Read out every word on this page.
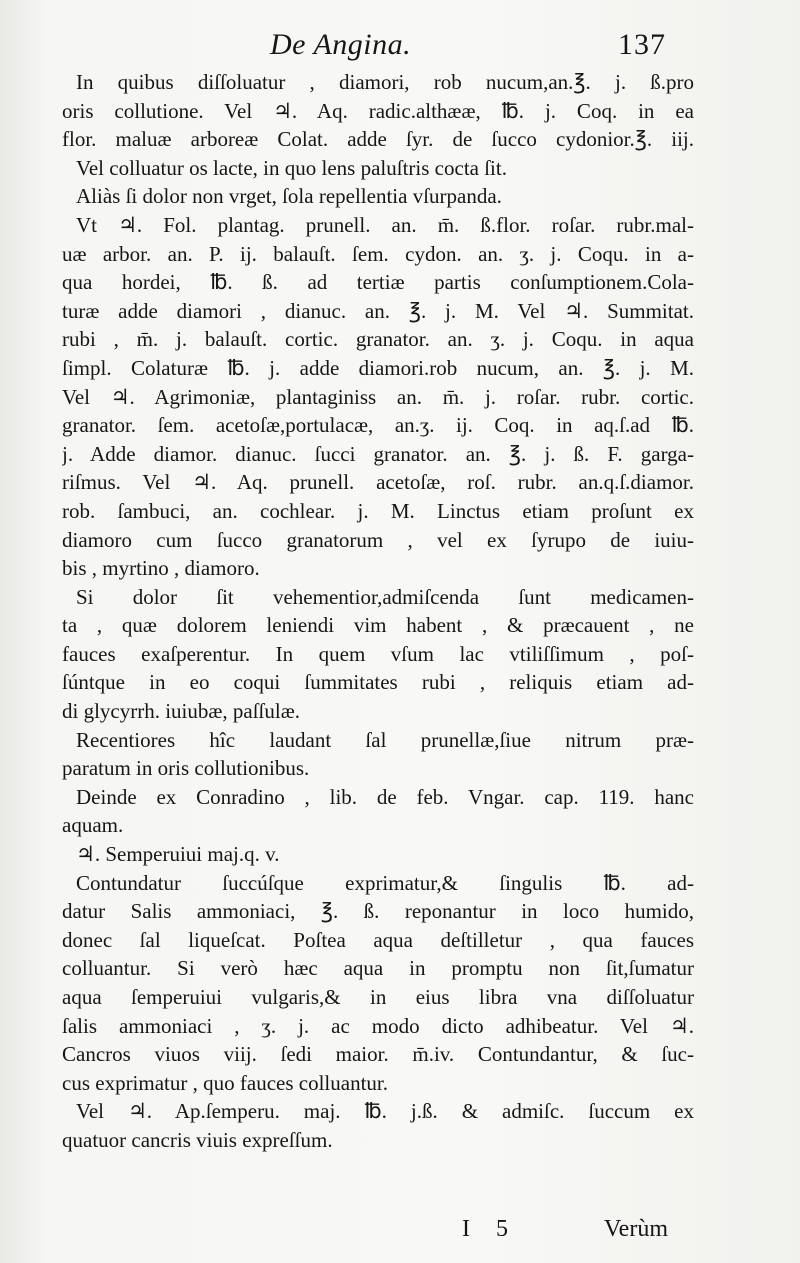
De Angina.	137
In quibus diſſoluatur , diamori, rob nucum,an.℥. j. ß.pro
oris collutione. Vel ♃. Aq. radic.althææ, ℔. j. Coq. in ea
flor. maluæ arboreæ Colat. adde ſyr. de ſucco cydonior.℥. iij.
Vel colluatur os lacte, in quo lens paluſtris cocta ſit.
Aliàs ſi dolor non vrget, ſola repellentia vſurpanda.
Vt ♃. Fol. plantag. prunell. an. m̄. ß.flor. roſar. rubr.mal-
uæ arbor. an. P. ij. balauſt. ſem. cydon. an. ʒ. j. Coqu. in a-
qua hordei, ℔. ß. ad tertiæ partis conſumptionem.Cola-
turæ adde diamori , dianuc. an. ℥. j. M. Vel ♃. Summitat.
rubi , m̄. j. balauſt. cortic. granator. an. ʒ. j. Coqu. in aqua
ſimpl. Colaturæ ℔. j. adde diamori.rob nucum, an. ℥. j. M.
Vel ♃. Agrimoniæ, plantaginiss an. m̄. j. roſar. rubr. cortic.
granator. ſem. acetoſæ,portulacæ, an.ʒ. ij. Coq. in aq.ſ.ad ℔.
j. Adde diamor. dianuc. ſucci granator. an. ℥. j. ß. F. garga-
riſmus. Vel ♃. Aq. prunell. acetoſæ, roſ. rubr. an.q.ſ.diamor.
rob. ſambuci, an. cochlear. j. M. Linctus etiam proſunt ex
diamoro cum ſucco granatorum , vel ex ſyrupo de iuiu-
bis , myrtino , diamoro.
Si dolor ſit vehementior,admiſcenda ſunt medicamen-
ta , quæ dolorem leniendi vim habent , & præcauent , ne
fauces exaſperentur. In quem vſum lac vtiliſſimum , poſ-
ſúntque in eo coqui ſummitates rubi , reliquis etiam ad-
di glycyrrh. iuiubæ, paſſulæ.
Recentiores hîc laudant ſal prunellæ,ſiue nitrum præ-
paratum in oris collutionibus.
Deinde ex Conradino , lib. de feb. Vngar. cap. 119. hanc
aquam.
♃. Semperuiui maj.q. v.
Contundatur ſuccúſque exprimatur,& ſingulis ℔. ad-
datur Salis ammoniaci, ℥. ß. reponantur in loco humido,
donec ſal liqueſcat. Poſtea aqua deſtilletur , qua fauces
colluantur. Si verò hæc aqua in promptu non ſit,ſumatur
aqua ſemperuiui vulgaris,& in eius libra vna diſſoluatur
ſalis ammoniaci , ʒ. j. ac modo dicto adhibeatur. Vel ♃.
Cancros viuos viij. ſedi maior. m̄.iv. Contundantur, & ſuc-
cus exprimatur , quo fauces colluantur.
Vel ♃. Ap.ſemperu. maj. ℔. j.ß. & admiſc. ſuccum ex
quatuor cancris viuis expreſſum.
I 5	Verùm
